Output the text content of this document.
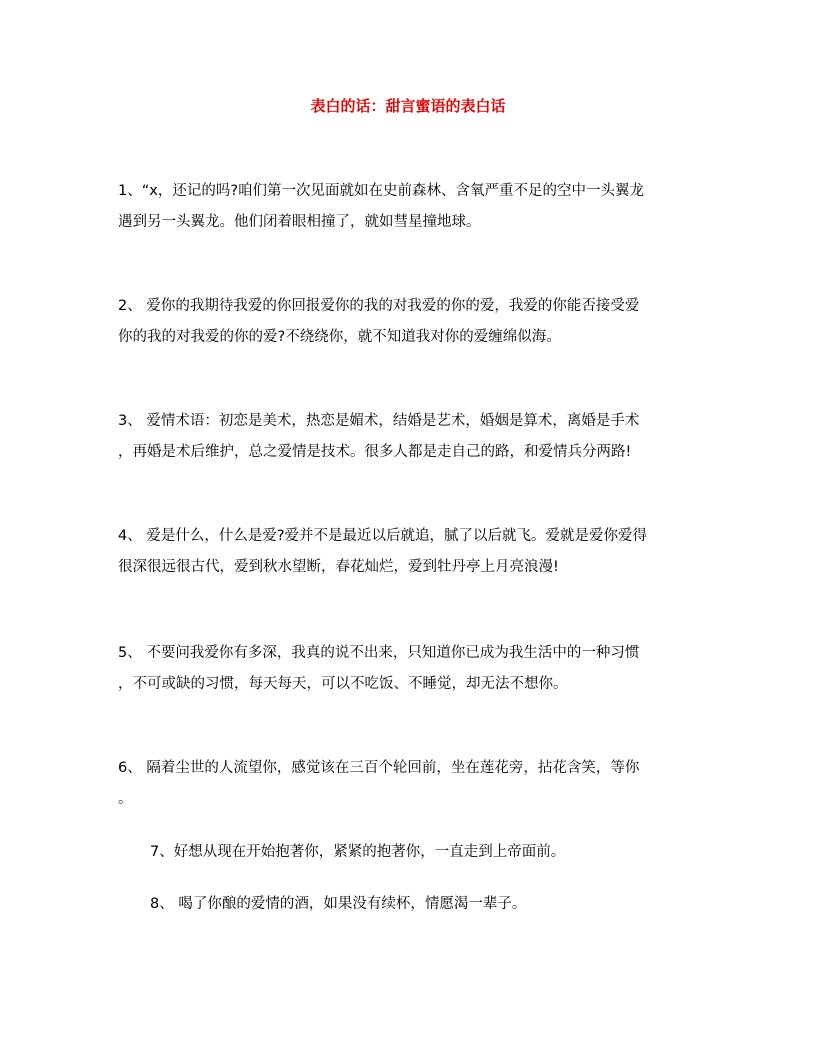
表白的话：甜言蜜语的表白话
1、“x，还记的吗?咱们第一次见面就如在史前森林、含氧严重不足的空中一头翼龙
遇到另一头翼龙。他们闭着眼相撞了，就如彗星撞地球。
2、 爱你的我期待我爱的你回报爱你的我的对我爱的你的爱，我爱的你能否接受爱
你的我的对我爱的你的爱?不绕绕你，就不知道我对你的爱缠绵似海。
3、 爱情术语：初恋是美术，热恋是媚术，结婚是艺术，婚姻是算术，离婚是手术
，再婚是术后维护，总之爱情是技术。很多人都是走自己的路，和爱情兵分两路!
4、 爱是什么，什么是爱?爱并不是最近以后就追，腻了以后就飞。爱就是爱你爱得
很深很远很古代，爱到秋水望断，春花灿烂，爱到牡丹亭上月亮浪漫!
5、 不要问我爱你有多深，我真的说不出来，只知道你已成为我生活中的一种习惯
，不可或缺的习惯，每天每天，可以不吃饭、不睡觉，却无法不想你。
6、 隔着尘世的人流望你，感觉该在三百个轮回前，坐在莲花旁，拈花含笑，等你
。
7、好想从现在开始抱著你，紧紧的抱著你，一直走到上帝面前。
8、 喝了你酿的爱情的酒，如果没有续杯，情愿渴一辈子。
